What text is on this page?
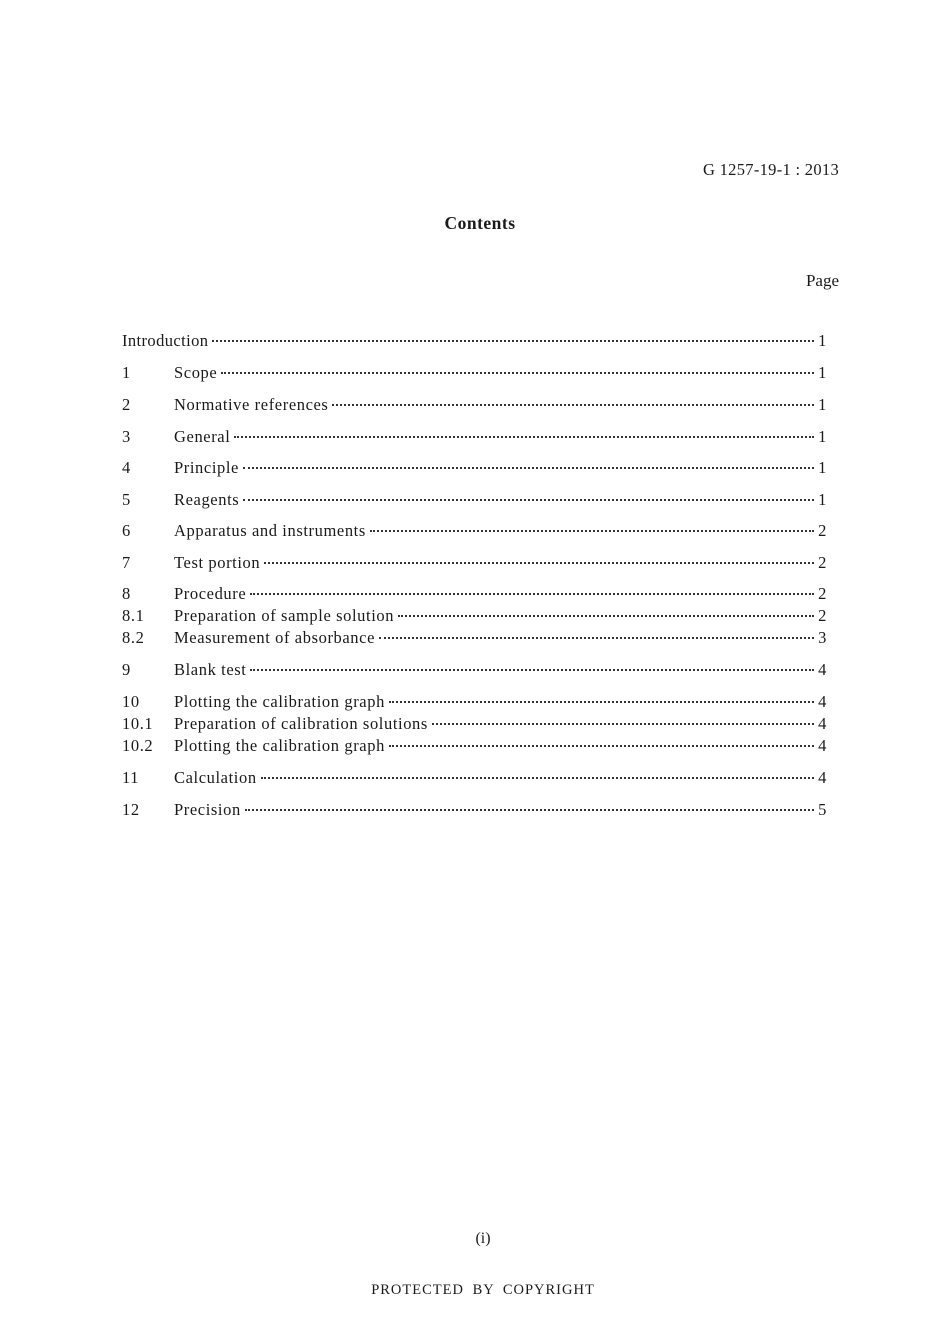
G 1257-19-1 : 2013
Contents
Page
Introduction	1
1	Scope	1
2	Normative references	1
3	General	1
4	Principle	1
5	Reagents	1
6	Apparatus and instruments	2
7	Test portion	2
8	Procedure	2
8.1	Preparation of sample solution	2
8.2	Measurement of absorbance	3
9	Blank test	4
10	Plotting the calibration graph	4
10.1	Preparation of calibration solutions	4
10.2	Plotting the calibration graph	4
11	Calculation	4
12	Precision	5
(i)
PROTECTED BY COPYRIGHT
